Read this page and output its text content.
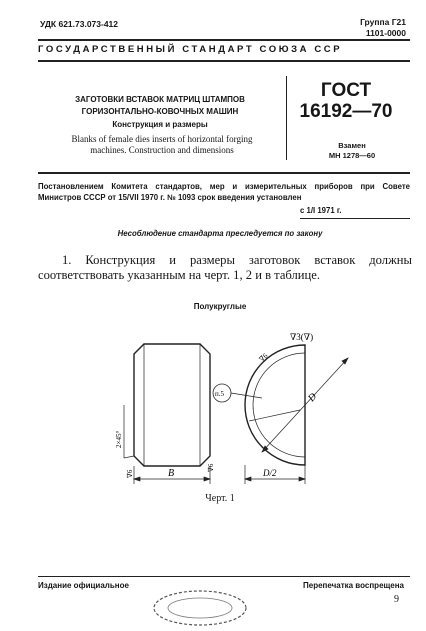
УДК 621.73.073-412	Группа Г21
1101-0000
ГОСУДАРСТВЕННЫЙ СТАНДАРТ СОЮЗА ССР
ЗАГОТОВКИ ВСТАВОК МАТРИЦ ШТАМПОВ
ГОРИЗОНТАЛЬНО-КОВОЧНЫХ МАШИН
Конструкция и размеры
Blanks of female dies inserts of horizontal forging
machines. Construction and dimensions
ГОСТ
16192—70
Взамен
МН 1278—60
Постановлением Комитета стандартов, мер и измерительных приборов при Совете Министров СССР от 15/VII 1970 г. № 1093 срок введения установлен
с 1/I 1971 г.
Несоблюдение стандарта преследуется по закону
1. Конструкция и размеры заготовок вставок должны соответствовать указанным на черт. 1, 2 и в таблице.
Полукруглые
∇3(∇)
∇6
∇6
∇6
п.5	D
B	D/2
2×45°
Черт. 1
Издание официальное	Перепечатка воспрещена
9
